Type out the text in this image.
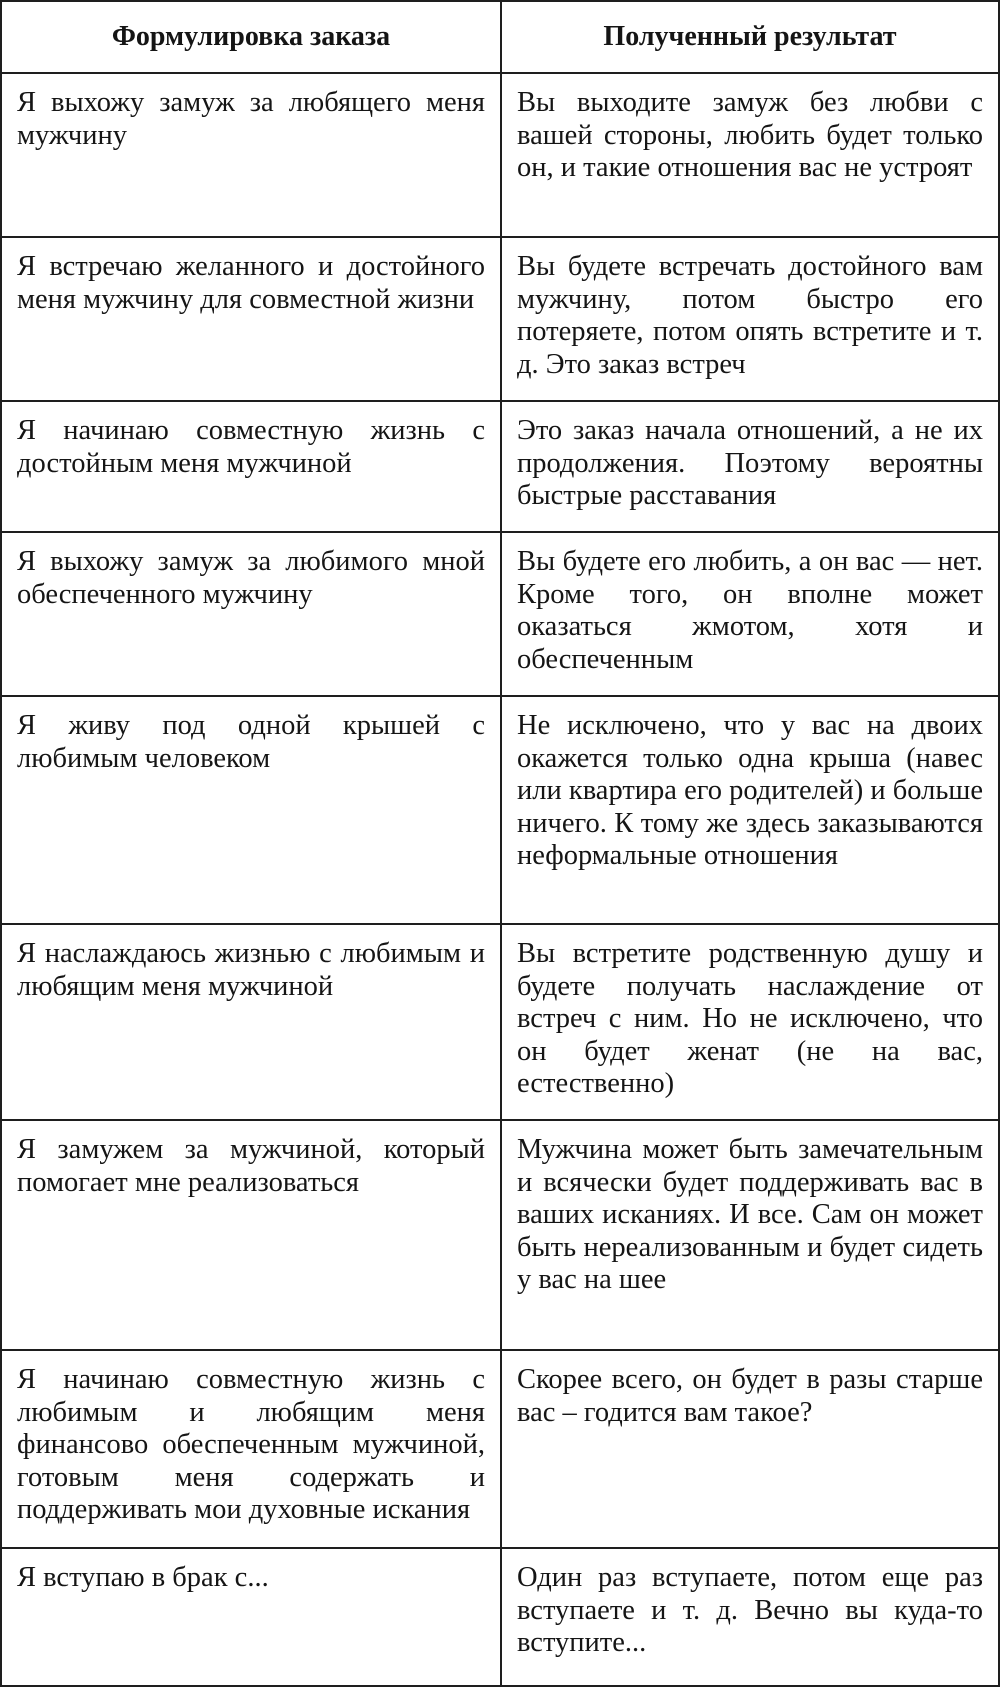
Формулировка заказа	Полученный результат
Я выхожу замуж за любящего меня мужчину	Вы выходите замуж без любви с вашей стороны, любить будет только он, и такие отношения вас не устроят
Я встречаю желанного и достойного меня мужчину для совместной жизни	Вы будете встречать достойного вам мужчину, потом быстро его потеряете, потом опять встретите и т. д. Это заказ встреч
Я начинаю совместную жизнь с достойным меня мужчиной	Это заказ начала отношений, а не их продолжения. Поэтому вероятны быстрые расставания
Я выхожу замуж за любимого мной обеспеченного мужчину	Вы будете его любить, а он вас — нет. Кроме того, он вполне может оказаться жмотом, хотя и обеспеченным
Я живу под одной крышей с любимым человеком	Не исключено, что у вас на двоих окажется только одна крыша (навес или квартира его родителей) и больше ничего. К тому же здесь заказываются неформальные отношения
Я наслаждаюсь жизнью с любимым и любящим меня мужчиной	Вы встретите родственную душу и будете получать наслаждение от встреч с ним. Но не исключено, что он будет женат (не на вас, естественно)
Я замужем за мужчиной, который помогает мне реализоваться	Мужчина может быть замечательным и всячески будет поддерживать вас в ваших исканиях. И все. Сам он может быть нереализованным и будет сидеть у вас на шее
Я начинаю совместную жизнь с любимым и любящим меня финансово обеспеченным мужчиной, готовым меня содержать и поддерживать мои духовные искания	Скорее всего, он будет в разы старше вас – годится вам такое?
Я вступаю в брак с...	Один раз вступаете, потом еще раз вступаете и т. д. Вечно вы куда-то вступите...
